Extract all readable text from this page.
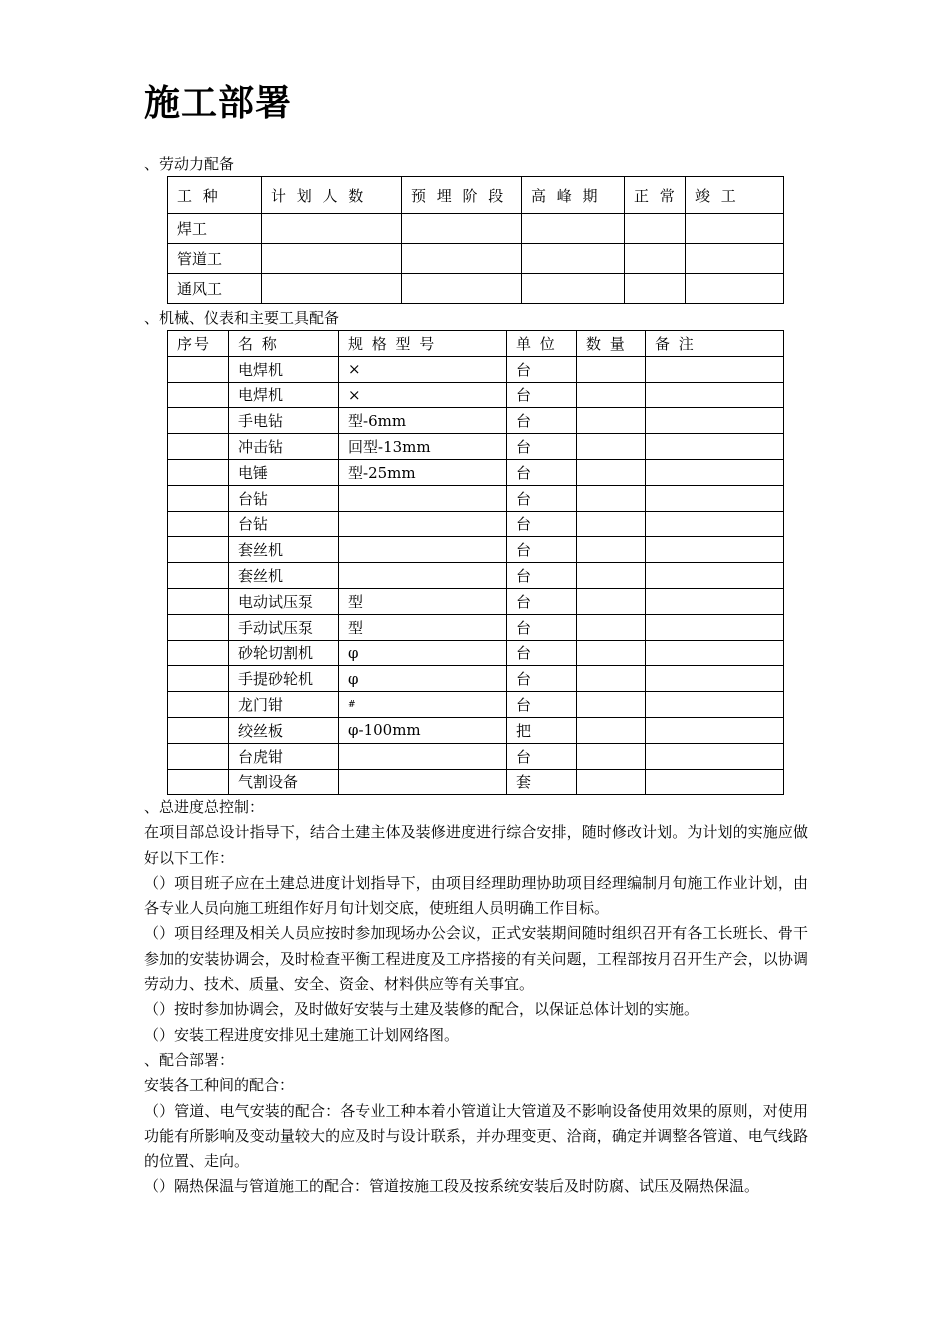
施工部署
、劳动力配备
工 种	计 划 人 数	预 埋 阶 段	高 峰 期	正 常	竣 工
焊工					
管道工					
通风工					
、机械、仪表和主要工具配备
序号	名 称	规 格 型 号	单 位	数 量	备 注
	电焊机	×	台		
	电焊机	×	台		
	手电钻	型-6mm	台		
	冲击钻	回型-13mm	台		
	电锤	型-25mm	台		
	台钻		台		
	台钻		台		
	套丝机		台		
	套丝机		台		
	电动试压泵	型	台		
	手动试压泵	型	台		
	砂轮切割机	φ	台		
	手提砂轮机	φ	台		
	龙门钳	#	台		
	绞丝板	φ-100mm	把		
	台虎钳		台		
	气割设备		套		

、总进度总控制：

在项目部总设计指导下，结合土建主体及装修进度进行综合安排，随时修改计划。为计划的实施应做好以下工作：

（）项目班子应在土建总进度计划指导下，由项目经理助理协助项目经理编制月旬施工作业计划，由各专业人员向施工班组作好月旬计划交底，使班组人员明确工作目标。

（）项目经理及相关人员应按时参加现场办公会议，正式安装期间随时组织召开有各工长班长、骨干参加的安装协调会，及时检查平衡工程进度及工序搭接的有关问题，工程部按月召开生产会，以协调劳动力、技术、质量、安全、资金、材料供应等有关事宜。

（）按时参加协调会，及时做好安装与土建及装修的配合，以保证总体计划的实施。

（）安装工程进度安排见土建施工计划网络图。

、配合部署：

安装各工种间的配合：

（）管道、电气安装的配合：各专业工种本着小管道让大管道及不影响设备使用效果的原则，对使用功能有所影响及变动量较大的应及时与设计联系，并办理变更、洽商，确定并调整各管道、电气线路的位置、走向。

（）隔热保温与管道施工的配合：管道按施工段及按系统安装后及时防腐、试压及隔热保温。
